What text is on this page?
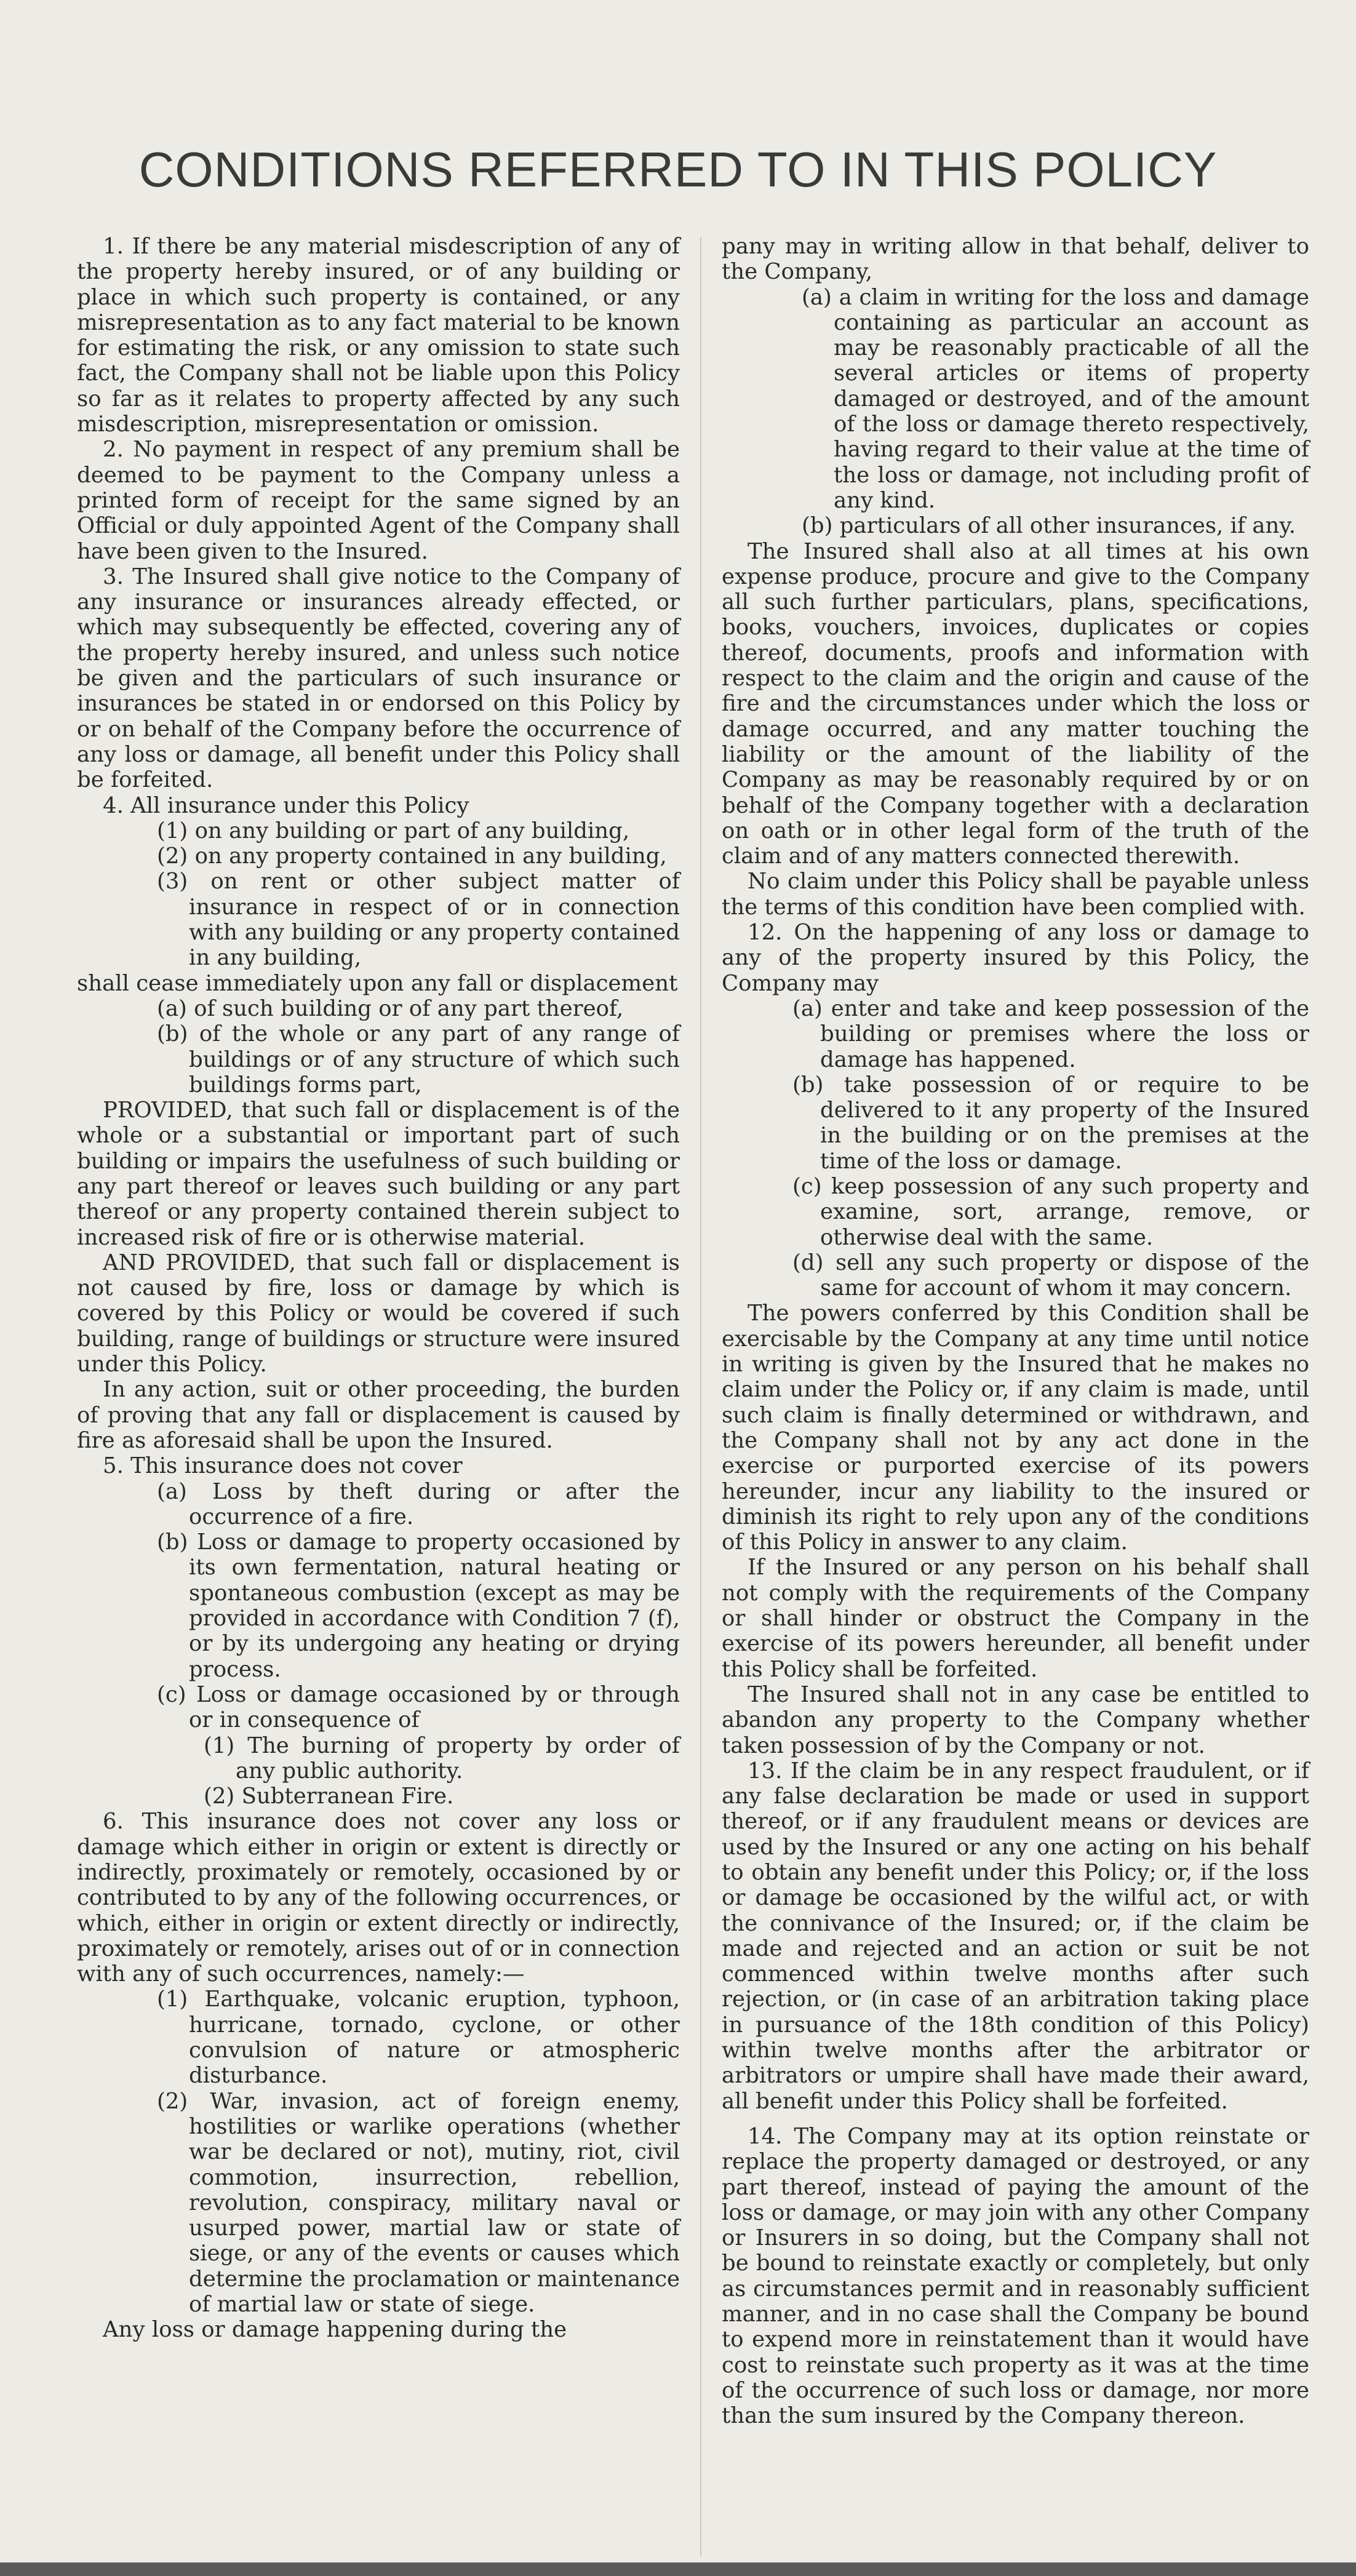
CONDITIONS REFERRED TO IN THIS POLICY

1. If there be any material misdescription of any of the property hereby insured, or of any building or place in which such property is contained, or any misrepresentation as to any fact material to be known for estimating the risk, or any omission to state such fact, the Company shall not be liable upon this Policy so far as it relates to property affected by any such misdescription, misrepresentation or omission.

2. No payment in respect of any premium shall be deemed to be payment to the Company unless a printed form of receipt for the same signed by an Official or duly appointed Agent of the Company shall have been given to the Insured.

3. The Insured shall give notice to the Company of any insurance or insurances already effected, or which may subsequently be effected, covering any of the property hereby insured, and unless such notice be given and the particulars of such insurance or insurances be stated in or endorsed on this Policy by or on behalf of the Company before the occurrence of any loss or damage, all benefit under this Policy shall be forfeited.

4. All insurance under this Policy

(1) on any building or part of any building,

(2) on any property contained in any building,

(3) on rent or other subject matter of insurance in respect of or in connection with any building or any property contained in any building,

shall cease immediately upon any fall or displacement

(a) of such building or of any part thereof,

(b) of the whole or any part of any range of buildings or of any structure of which such buildings forms part,

PROVIDED, that such fall or displacement is of the whole or a substantial or important part of such building or impairs the usefulness of such building or any part thereof or leaves such building or any part thereof or any property contained therein subject to increased risk of fire or is otherwise material.

AND PROVIDED, that such fall or displacement is not caused by fire, loss or damage by which is covered by this Policy or would be covered if such building, range of buildings or structure were insured under this Policy.

In any action, suit or other proceeding, the burden of proving that any fall or displacement is caused by fire as aforesaid shall be upon the Insured.

5. This insurance does not cover

(a) Loss by theft during or after the occurrence of a fire.

(b) Loss or damage to property occasioned by its own fermentation, natural heating or spontaneous combustion (except as may be provided in accordance with Condition 7 (f), or by its undergoing any heating or drying process.

(c) Loss or damage occasioned by or through or in consequence of

(1) The burning of property by order of any public authority.

(2) Subterranean Fire.

6. This insurance does not cover any loss or damage which either in origin or extent is directly or indirectly, proximately or remotely, occasioned by or contributed to by any of the following occurrences, or which, either in origin or extent directly or indirectly, proximately or remotely, arises out of or in connection with any of such occurrences, namely:—

(1) Earthquake, volcanic eruption, typhoon, hurricane, tornado, cyclone, or other convulsion of nature or atmospheric disturbance.

(2) War, invasion, act of foreign enemy, hostilities or warlike operations (whether war be declared or not), mutiny, riot, civil commotion, insurrection, rebellion, revolution, conspiracy, military naval or usurped power, martial law or state of siege, or any of the events or causes which determine the proclamation or maintenance of martial law or state of siege.

Any loss or damage happening during the

pany may in writing allow in that behalf, deliver to the Company,

(a) a claim in writing for the loss and damage containing as particular an account as may be reasonably practicable of all the several articles or items of property damaged or destroyed, and of the amount of the loss or damage thereto respectively, having regard to their value at the time of the loss or damage, not including profit of any kind.

(b) particulars of all other insurances, if any.

The Insured shall also at all times at his own expense produce, procure and give to the Company all such further particulars, plans, specifications, books, vouchers, invoices, duplicates or copies thereof, documents, proofs and information with respect to the claim and the origin and cause of the fire and the circumstances under which the loss or damage occurred, and any matter touching the liability or the amount of the liability of the Company as may be reasonably required by or on behalf of the Company together with a declaration on oath or in other legal form of the truth of the claim and of any matters connected therewith.

No claim under this Policy shall be payable unless the terms of this condition have been complied with.

12. On the happening of any loss or damage to any of the property insured by this Policy, the Company may

(a) enter and take and keep possession of the building or premises where the loss or damage has happened.

(b) take possession of or require to be delivered to it any property of the Insured in the building or on the premises at the time of the loss or damage.

(c) keep possession of any such property and examine, sort, arrange, remove, or otherwise deal with the same.

(d) sell any such property or dispose of the same for account of whom it may concern.

The powers conferred by this Condition shall be exercisable by the Company at any time until notice in writing is given by the Insured that he makes no claim under the Policy or, if any claim is made, until such claim is finally determined or withdrawn, and the Company shall not by any act done in the exercise or purported exercise of its powers hereunder, incur any liability to the insured or diminish its right to rely upon any of the conditions of this Policy in answer to any claim.

If the Insured or any person on his behalf shall not comply with the requirements of the Company or shall hinder or obstruct the Company in the exercise of its powers hereunder, all benefit under this Policy shall be forfeited.

The Insured shall not in any case be entitled to abandon any property to the Company whether taken possession of by the Company or not.

13. If the claim be in any respect fraudulent, or if any false declaration be made or used in support thereof, or if any fraudulent means or devices are used by the Insured or any one acting on his behalf to obtain any benefit under this Policy; or, if the loss or damage be occasioned by the wilful act, or with the connivance of the Insured; or, if the claim be made and rejected and an action or suit be not commenced within twelve months after such rejection, or (in case of an arbitration taking place in pursuance of the 18th condition of this Policy) within twelve months after the arbitrator or arbitrators or umpire shall have made their award, all benefit under this Policy shall be forfeited.

14. The Company may at its option reinstate or replace the property damaged or destroyed, or any part thereof, instead of paying the amount of the loss or damage, or may join with any other Company or Insurers in so doing, but the Company shall not be bound to reinstate exactly or completely, but only as circumstances permit and in reasonably sufficient manner, and in no case shall the Company be bound to expend more in reinstatement than it would have cost to reinstate such property as it was at the time of the occurrence of such loss or damage, nor more than the sum insured by the Company thereon.
